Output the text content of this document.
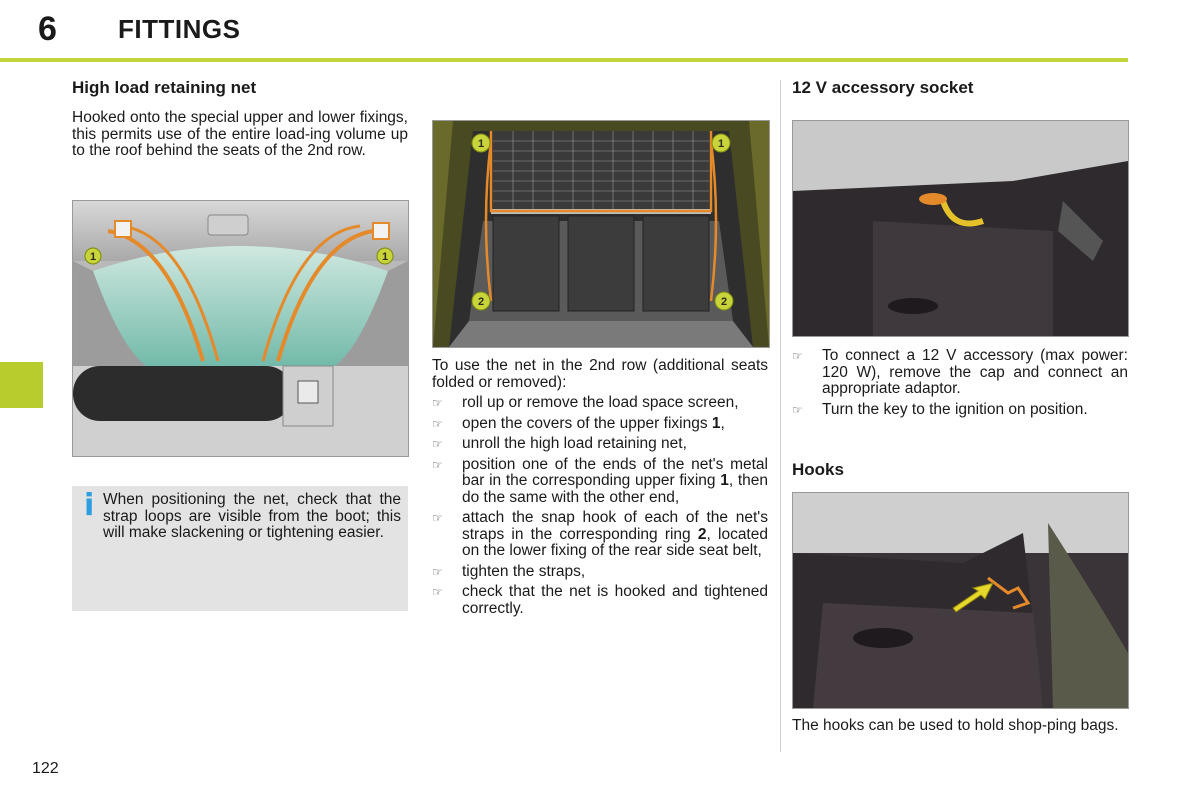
6 FITTINGS
High load retaining net
Hooked onto the special upper and lower fixings, this permits use of the entire load-ing volume up to the roof behind the seats of the 2nd row.
1	1
i When positioning the net, check that the strap loops are visible from the boot; this will make slackening or tightening easier.
1	1
2	2
To use the net in the 2nd row (additional seats folded or removed):
☞ roll up or remove the load space screen,
☞ open the covers of the upper fixings 1,
☞ unroll the high load retaining net,
☞ position one of the ends of the net's metal bar in the corresponding upper fixing 1, then do the same with the other end,
☞ attach the snap hook of each of the net's straps in the corresponding ring 2, located on the lower fixing of the rear side seat belt,
☞ tighten the straps,
☞ check that the net is hooked and tightened correctly.
12 V accessory socket
☞ To connect a 12 V accessory (max power: 120 W), remove the cap and connect an appropriate adaptor.
☞ Turn the key to the ignition on position.
Hooks
The hooks can be used to hold shop-ping bags.
122
